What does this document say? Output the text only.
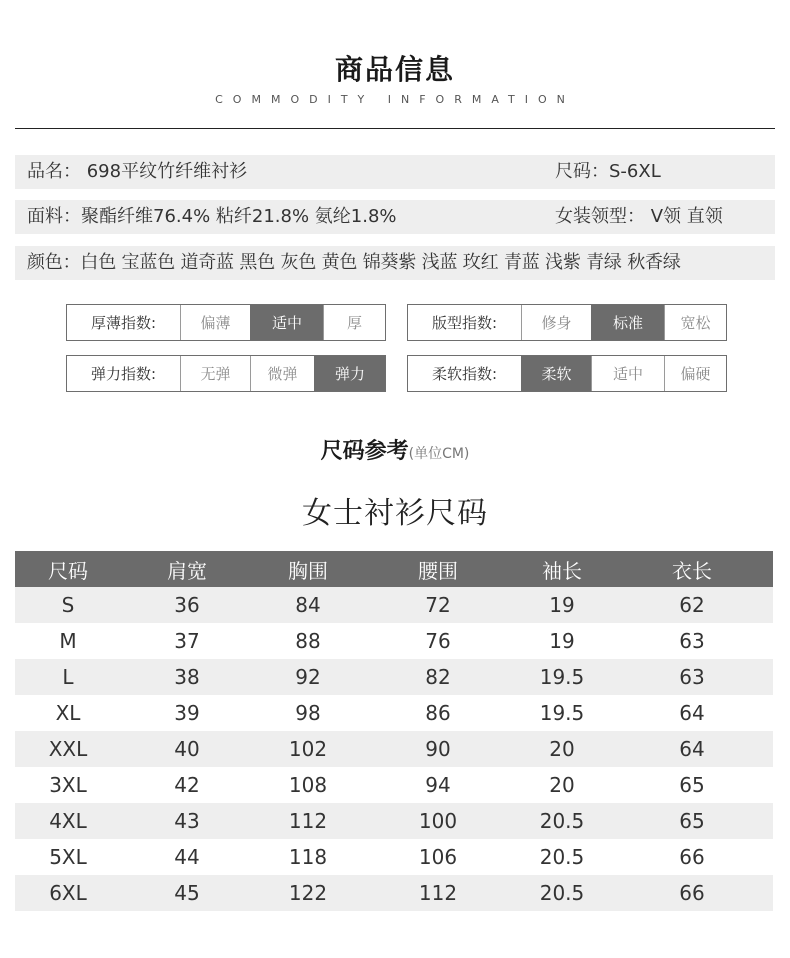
商品信息
COMMODITY INFORMATION
品名： 698平纹竹纤维衬衫	尺码：S-6XL
面料：聚酯纤维76.4% 粘纤21.8% 氨纶1.8%	女装领型： V领 直领
颜色：白色 宝蓝色 道奇蓝 黑色 灰色 黄色 锦葵紫 浅蓝 玫红 青蓝 浅紫 青绿 秋香绿
厚薄指数:	偏薄	适中	厚	版型指数:	修身	标准	宽松
弹力指数:	无弹	微弹	弹力	柔软指数:	柔软	适中	偏硬
尺码参考(单位CM)
女士衬衫尺码
尺码	肩宽	胸围	腰围	袖长	衣长
S	36	84	72	19	62
M	37	88	76	19	63
L	38	92	82	19.5	63
XL	39	98	86	19.5	64
XXL	40	102	90	20	64
3XL	42	108	94	20	65
4XL	43	112	100	20.5	65
5XL	44	118	106	20.5	66
6XL	45	122	112	20.5	66
